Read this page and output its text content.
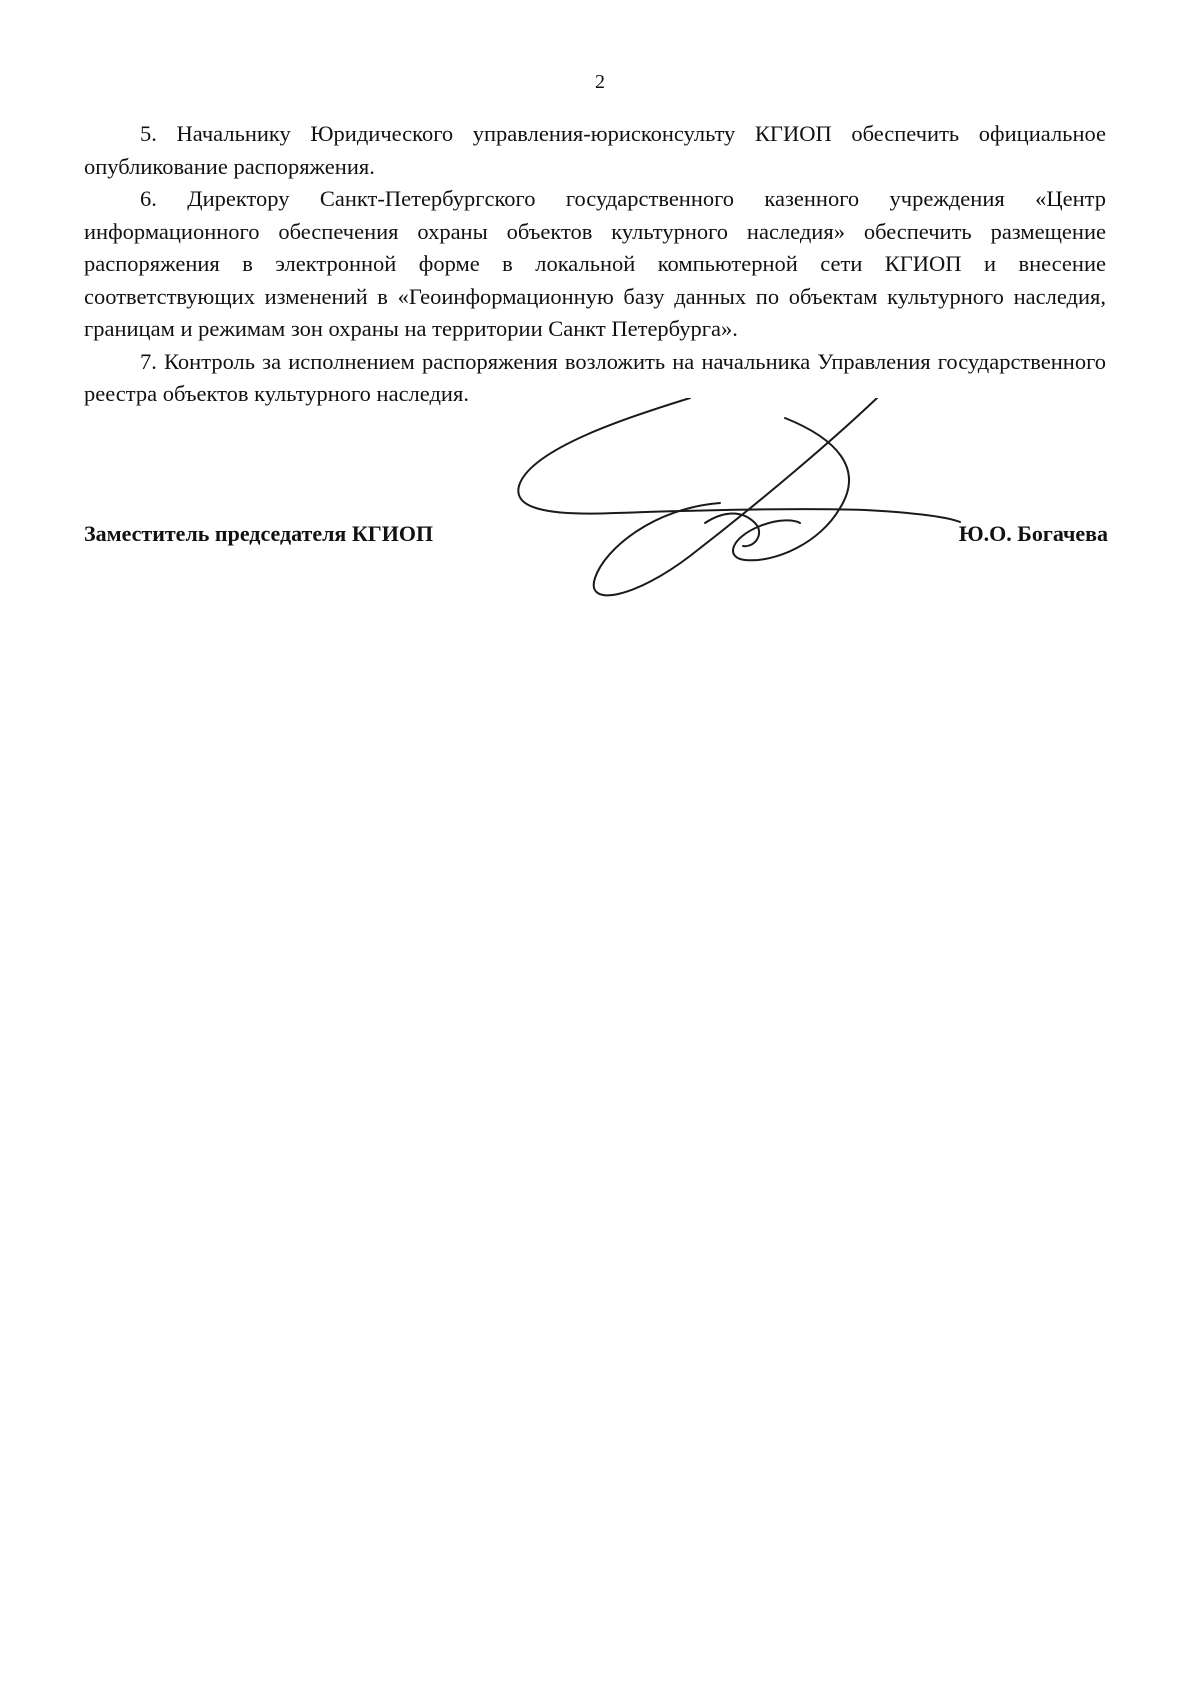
2

5. Начальнику Юридического управления-юрисконсульту КГИОП обеспечить официальное опубликование распоряжения.

6. Директору Санкт-Петербургского государственного казенного учреждения «Центр информационного обеспечения охраны объектов культурного наследия» обеспечить размещение распоряжения в электронной форме в локальной компьютерной сети КГИОП и внесение соответствующих изменений в «Геоинформационную базу данных по объектам культурного наследия, границам и режимам зон охраны на территории Санкт Петербурга».

7. Контроль за исполнением распоряжения возложить на начальника Управления государственного реестра объектов культурного наследия.

Заместитель председателя КГИОП	Ю.О. Богачева
